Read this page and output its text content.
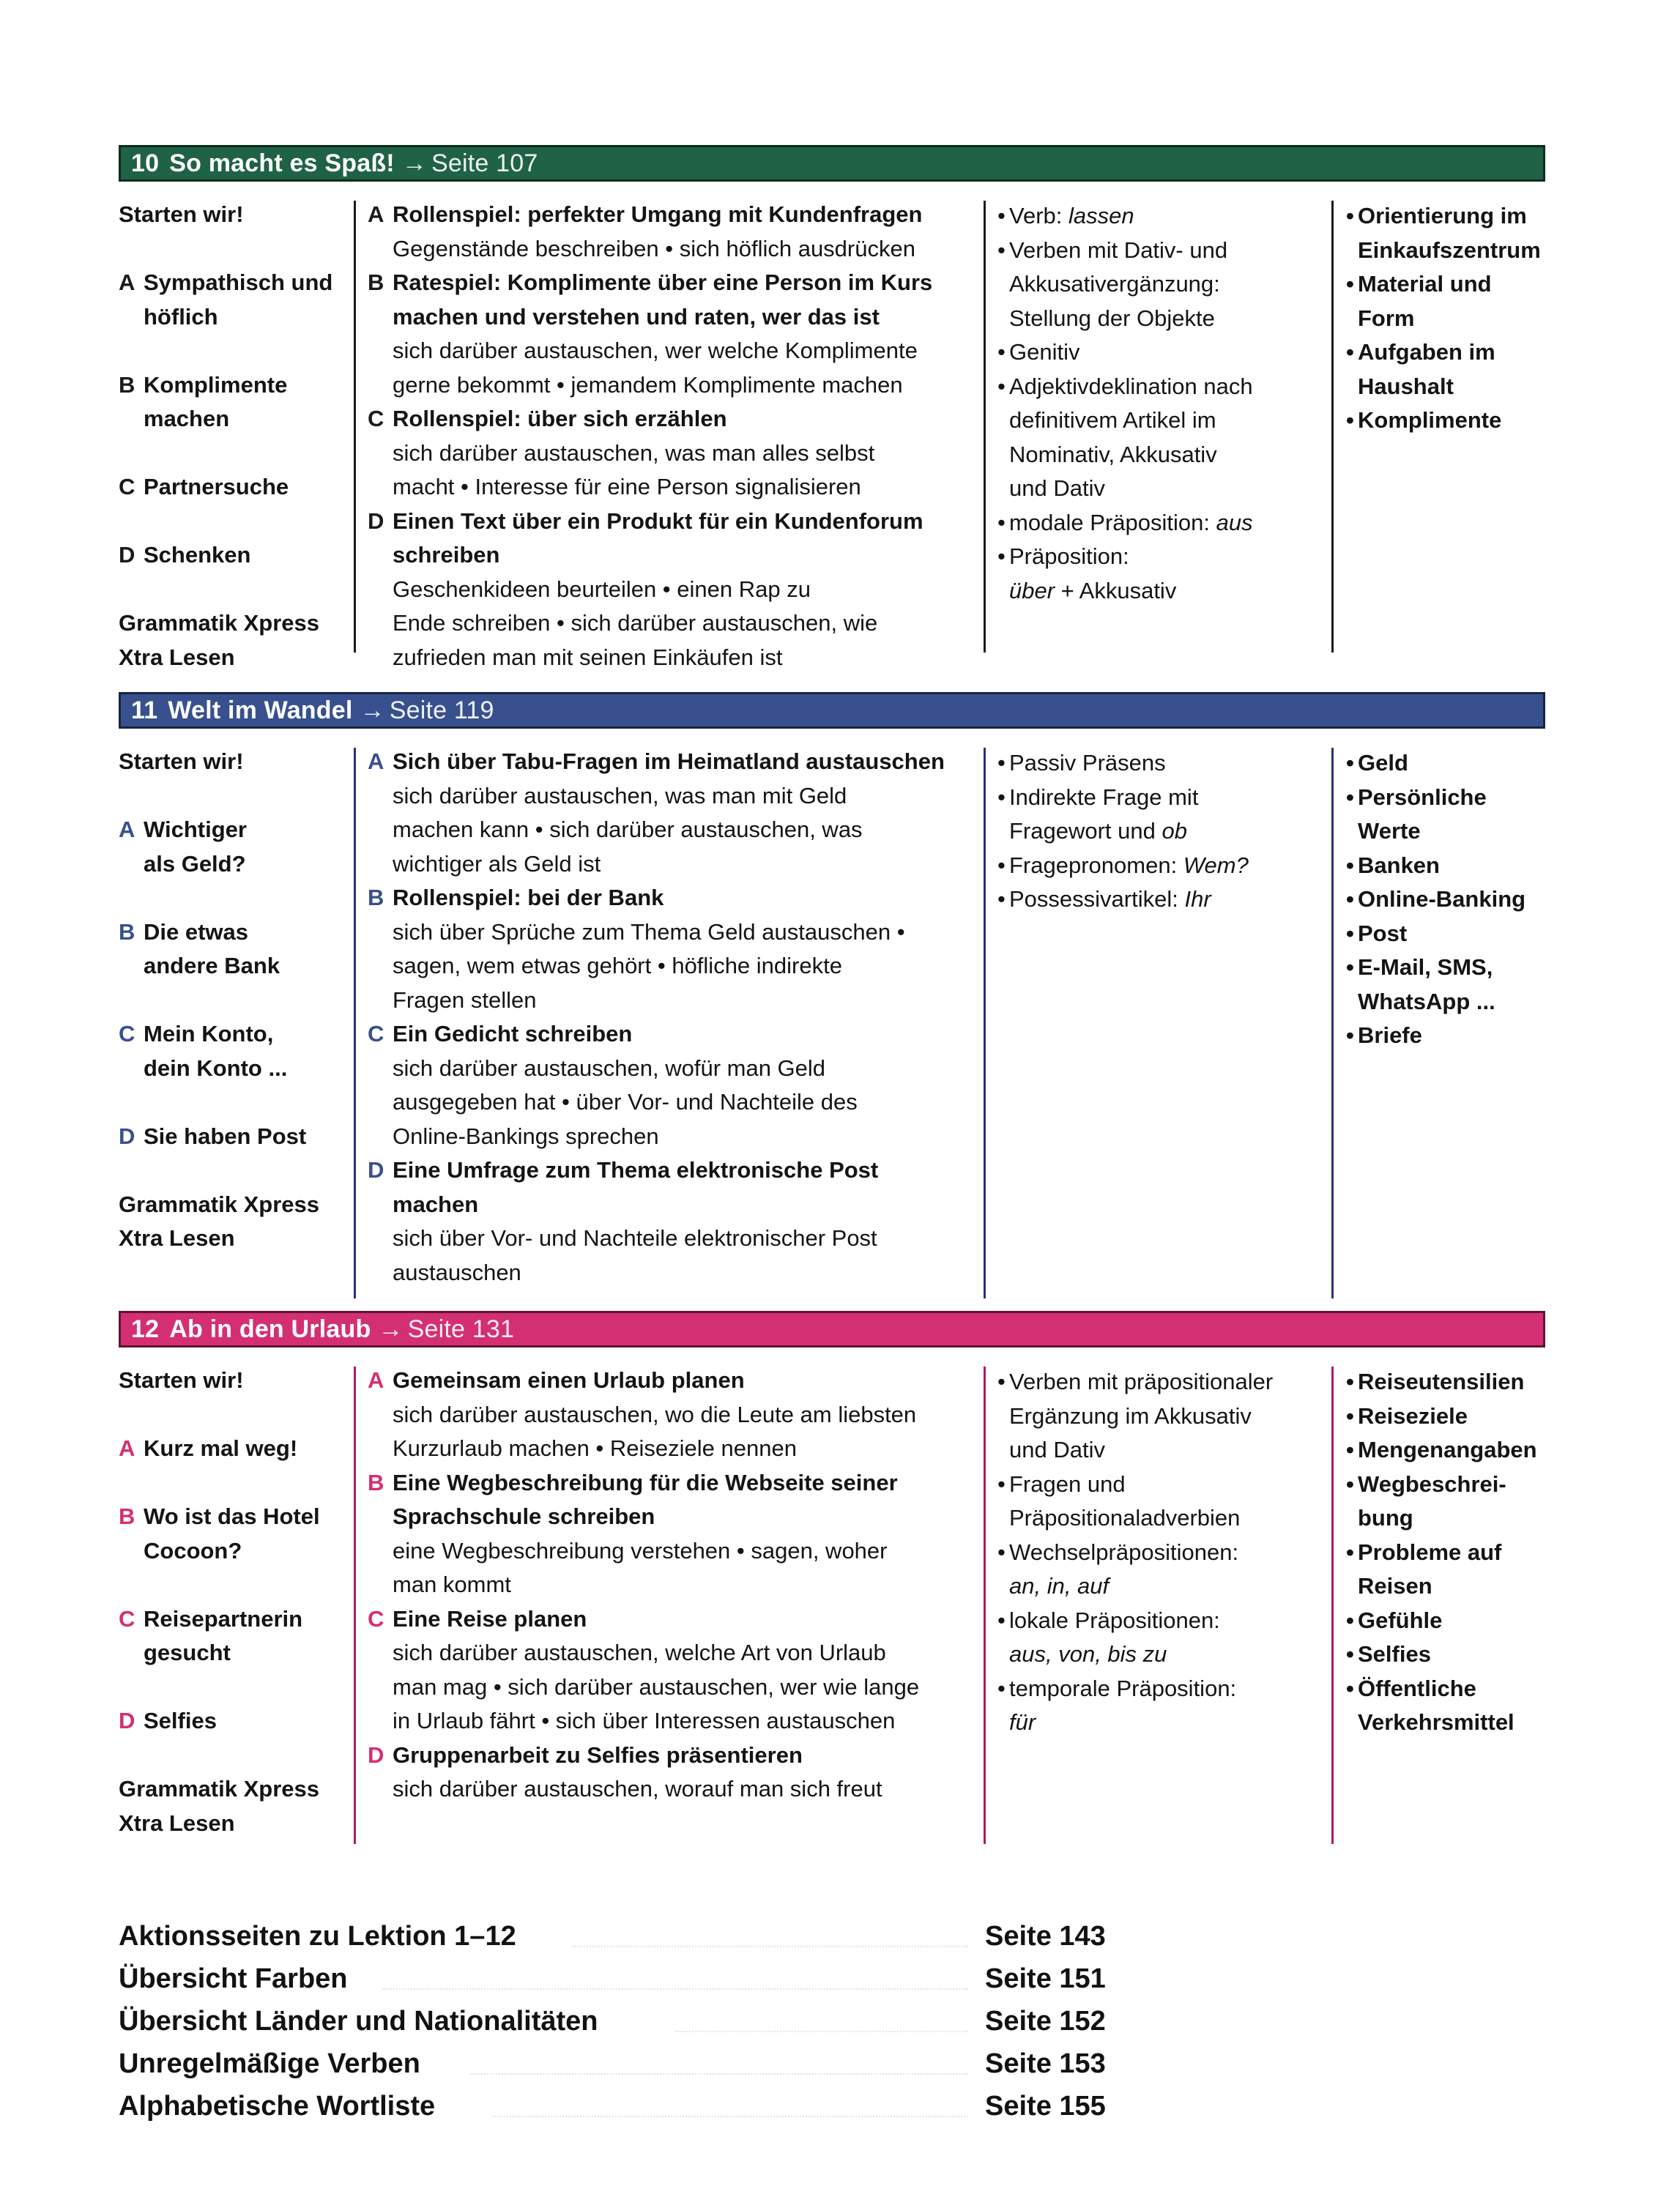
10 So macht es Spaß! → Seite 107
Starten wir!
A Sympathisch und
höflich
B Komplimente
machen
C Partnersuche
D Schenken
Grammatik Xpress
Xtra Lesen
A Rollenspiel: perfekter Umgang mit Kundenfragen
Gegenstände beschreiben • sich höflich ausdrücken
B Ratespiel: Komplimente über eine Person im Kurs
machen und verstehen und raten, wer das ist
sich darüber austauschen, wer welche Komplimente
gerne bekommt • jemandem Komplimente machen
C Rollenspiel: über sich erzählen
sich darüber austauschen, was man alles selbst
macht • Interesse für eine Person signalisieren
D Einen Text über ein Produkt für ein Kundenforum
schreiben
Geschenkideen beurteilen • einen Rap zu
Ende schreiben • sich darüber austauschen, wie
zufrieden man mit seinen Einkäufen ist
• Verb: lassen
• Verben mit Dativ- und
Akkusativergänzung:
Stellung der Objekte
• Genitiv
• Adjektivdeklination nach
definitivem Artikel im
Nominativ, Akkusativ
und Dativ
• modale Präposition: aus
• Präposition:
über + Akkusativ
• Orientierung im
Einkaufszentrum
• Material und
Form
• Aufgaben im
Haushalt
• Komplimente
11 Welt im Wandel → Seite 119
Starten wir!
A Wichtiger
als Geld?
B Die etwas
andere Bank
C Mein Konto,
dein Konto ...
D Sie haben Post
Grammatik Xpress
Xtra Lesen
A Sich über Tabu-Fragen im Heimatland austauschen
sich darüber austauschen, was man mit Geld
machen kann • sich darüber austauschen, was
wichtiger als Geld ist
B Rollenspiel: bei der Bank
sich über Sprüche zum Thema Geld austauschen •
sagen, wem etwas gehört • höfliche indirekte
Fragen stellen
C Ein Gedicht schreiben
sich darüber austauschen, wofür man Geld
ausgegeben hat • über Vor- und Nachteile des
Online-Bankings sprechen
D Eine Umfrage zum Thema elektronische Post
machen
sich über Vor- und Nachteile elektronischer Post
austauschen
• Passiv Präsens
• Indirekte Frage mit
Fragewort und ob
• Fragepronomen: Wem?
• Possessivartikel: Ihr
• Geld
• Persönliche
Werte
• Banken
• Online-Banking
• Post
• E-Mail, SMS,
WhatsApp ...
• Briefe
12 Ab in den Urlaub → Seite 131
Starten wir!
A Kurz mal weg!
B Wo ist das Hotel
Cocoon?
C Reisepartnerin
gesucht
D Selfies
Grammatik Xpress
Xtra Lesen
A Gemeinsam einen Urlaub planen
sich darüber austauschen, wo die Leute am liebsten
Kurzurlaub machen • Reiseziele nennen
B Eine Wegbeschreibung für die Webseite seiner
Sprachschule schreiben
eine Wegbeschreibung verstehen • sagen, woher
man kommt
C Eine Reise planen
sich darüber austauschen, welche Art von Urlaub
man mag • sich darüber austauschen, wer wie lange
in Urlaub fährt • sich über Interessen austauschen
D Gruppenarbeit zu Selfies präsentieren
sich darüber austauschen, worauf man sich freut
• Verben mit präpositionaler
Ergänzung im Akkusativ
und Dativ
• Fragen und
Präpositionaladverbien
• Wechselpräpositionen:
an, in, auf
• lokale Präpositionen:
aus, von, bis zu
• temporale Präposition:
für
• Reiseutensilien
• Reiseziele
• Mengenangaben
• Wegbeschrei-
bung
• Probleme auf
Reisen
• Gefühle
• Selfies
• Öffentliche
Verkehrsmittel
Aktionsseiten zu Lektion 1–12	Seite 143
Übersicht Farben	Seite 151
Übersicht Länder und Nationalitäten	Seite 152
Unregelmäßige Verben	Seite 153
Alphabetische Wortliste	Seite 155
